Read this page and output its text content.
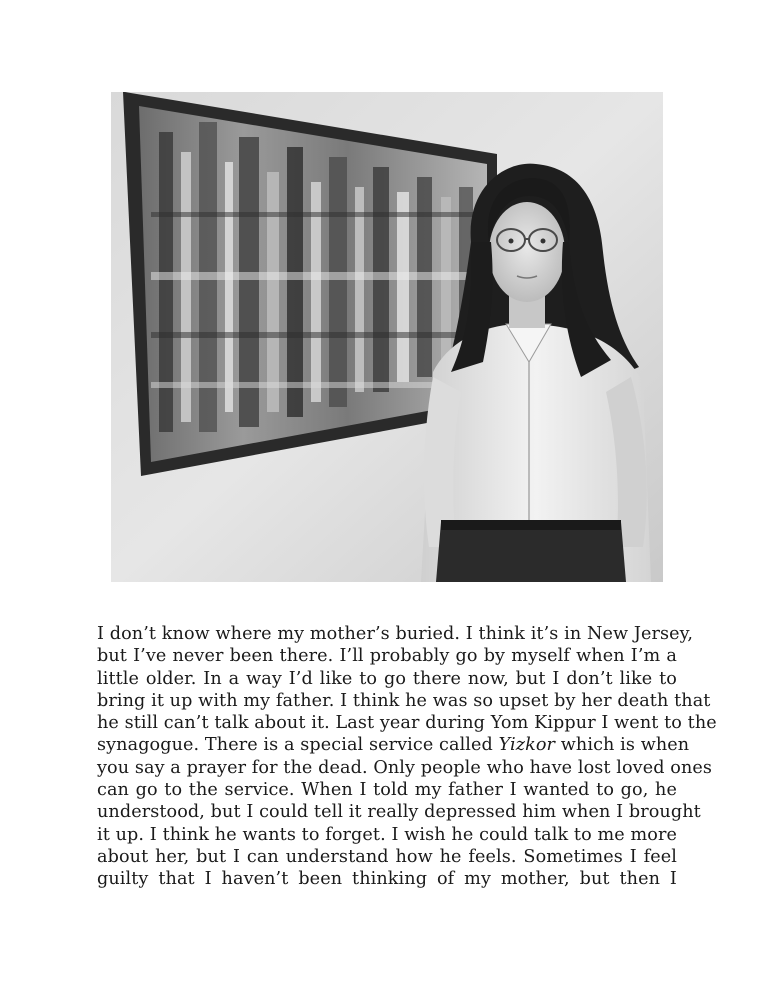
I don’t know where my mother’s buried. I think it’s in New Jersey,
but I’ve never been there. I’ll probably go by myself when I’m a
little older. In a way I’d like to go there now, but I don’t like to
bring it up with my father. I think he was so upset by her death that
he still can’t talk about it. Last year during Yom Kippur I went to the
synagogue. There is a special service called Yizkor which is when
you say a prayer for the dead. Only people who have lost loved ones
can go to the service. When I told my father I wanted to go, he
understood, but I could tell it really depressed him when I brought
it up. I think he wants to forget. I wish he could talk to me more
about her, but I can understand how he feels. Sometimes I feel
guilty that I haven’t been thinking of my mother, but then I
